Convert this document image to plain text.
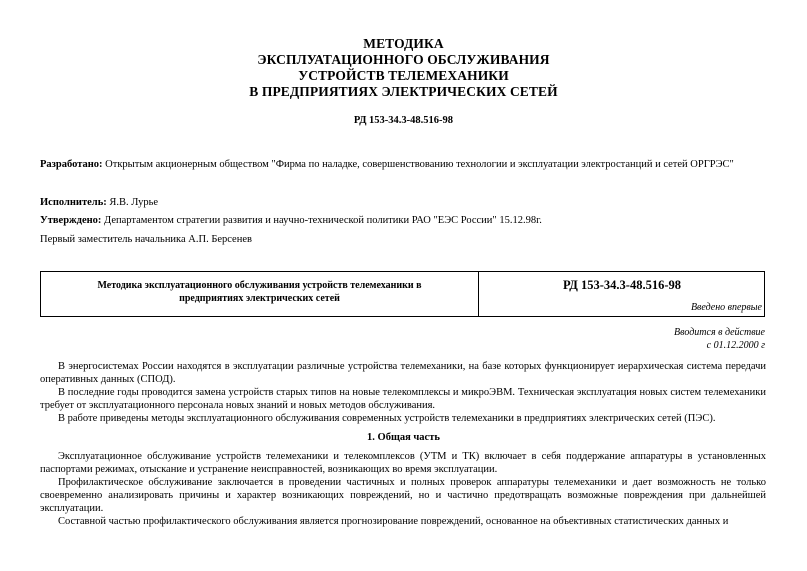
МЕТОДИКА
ЭКСПЛУАТАЦИОННОГО ОБСЛУЖИВАНИЯ
УСТРОЙСТВ ТЕЛЕМЕХАНИКИ
В ПРЕДПРИЯТИЯХ ЭЛЕКТРИЧЕСКИХ СЕТЕЙ
РД 153-34.3-48.516-98
Разработано: Открытым акционерным обществом "Фирма по наладке, совершенствованию технологии и эксплуатации электростанций и сетей ОРГРЭС"
Исполнитель: Я.В. Лурье
Утверждено: Департаментом стратегии развития и научно-технической политики РАО "ЕЭС России" 15.12.98г.
Первый заместитель начальника А.П. Берсенев
Методика эксплуатационного обслуживания устройств телемеханики в
предприятиях электрических сетей
РД 153-34.3-48.516-98
Введено впервые
Вводится в действие
с 01.12.2000 г

В энергосистемах России находятся в эксплуатации различные устройства телемеханики, на базе которых функционирует иерархическая система передачи оперативных данных (СПОД).

В последние годы проводится замена устройств старых типов на новые телекомплексы и микроЭВМ. Техническая эксплуатация новых систем телемеханики требует от эксплуатационного персонала новых знаний и новых методов обслуживания.

В работе приведены методы эксплуатационного обслуживания современных устройств телемеханики в предприятиях электрических сетей (ПЭС).

1. Общая часть

Эксплуатационное обслуживание устройств телемеханики и телекомплексов (УТМ и ТК) включает в себя поддержание аппаратуры в установленных паспортами режимах, отыскание и устранение неисправностей, возникающих во время эксплуатации.

Профилактическое обслуживание заключается в проведении частичных и полных проверок аппаратуры телемеханики и дает возможность не только своевременно анализировать причины и характер возникающих повреждений, но и частично предотвращать возможные повреждения при дальнейшей эксплуатации.

Составной частью профилактического обслуживания является прогнозирование повреждений, основанное на объективных статистических данных и
